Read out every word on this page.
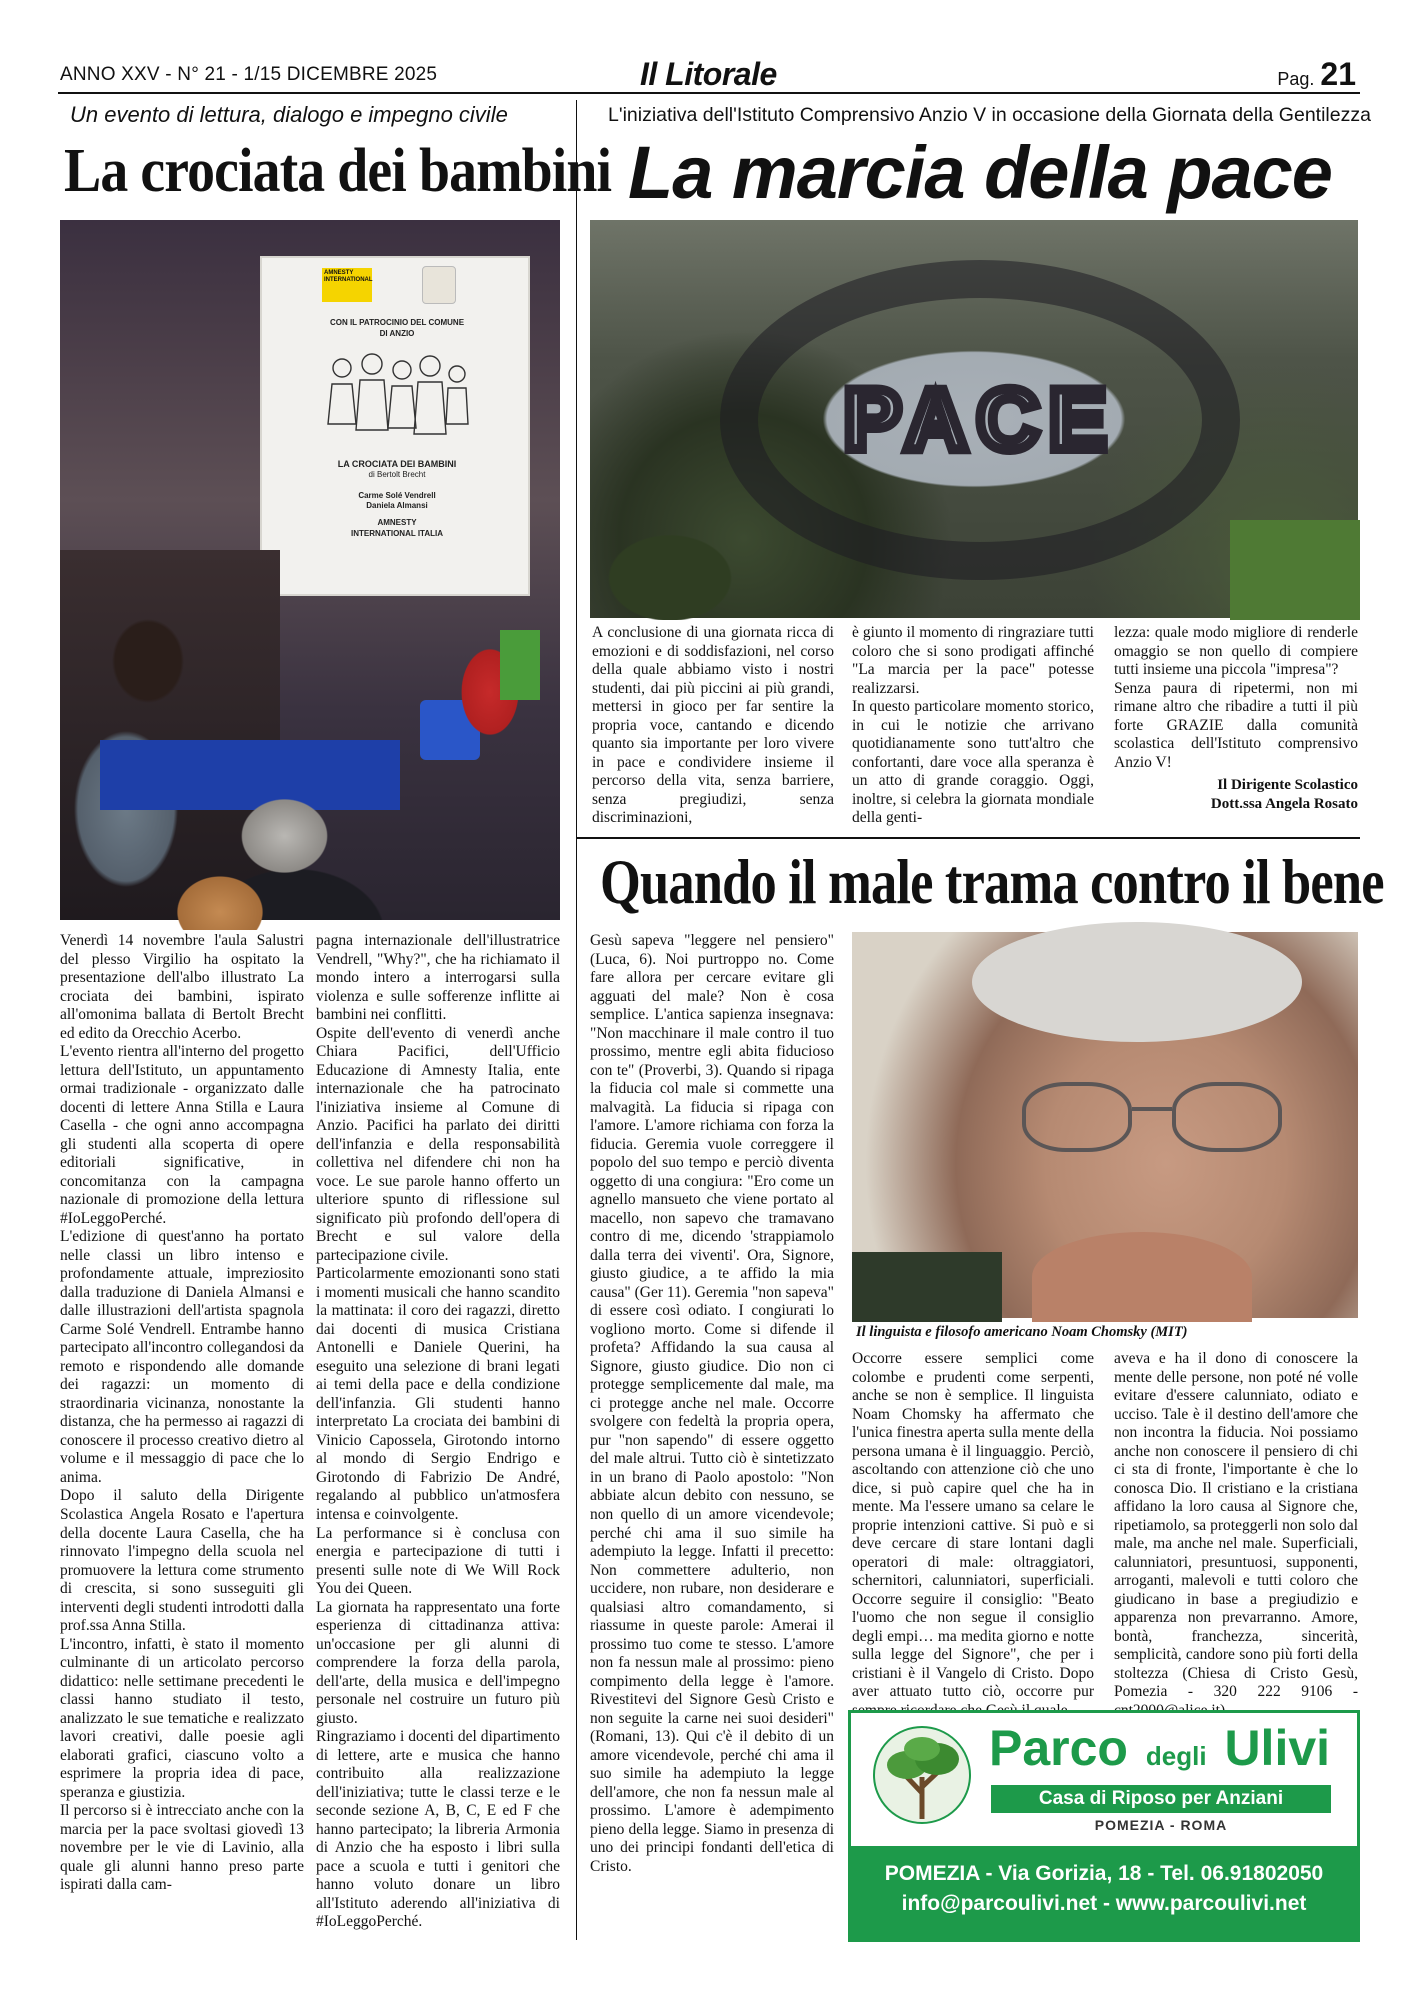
ANNO XXV - N° 21 - 1/15 DICEMBRE 2025	Il Litorale	Pag. 21
Un evento di lettura, dialogo e impegno civile
La crociata dei bambini
AMNESTY INTERNATIONAL
CON IL PATROCINIO DEL COMUNE
DI ANZIO
LA CROCIATA DEI BAMBINI
di Bertolt Brecht
Carme Solé Vendrell
Daniela Almansi
AMNESTY
INTERNATIONAL ITALIA

Venerdì 14 novembre l'aula Salustri del plesso Virgilio ha ospitato la presentazione dell'albo illustrato La crociata dei bambini, ispirato all'omonima ballata di Bertolt Brecht ed edito da Orecchio Acerbo.

L'evento rientra all'interno del progetto lettura dell'Istituto, un appuntamento ormai tradizionale - organizzato dalle docenti di lettere Anna Stilla e Laura Casella - che ogni anno accompagna gli studenti alla scoperta di opere editoriali significative, in concomitanza con la campagna nazionale di promozione della lettura #IoLeggoPerché.

L'edizione di quest'anno ha portato nelle classi un libro intenso e profondamente attuale, impreziosito dalla traduzione di Daniela Almansi e dalle illustrazioni dell'artista spagnola Carme Solé Vendrell. Entrambe hanno partecipato all'incontro collegandosi da remoto e rispondendo alle domande dei ragazzi: un momento di straordinaria vicinanza, nonostante la distanza, che ha permesso ai ragazzi di conoscere il processo creativo dietro al volume e il messaggio di pace che lo anima.

Dopo il saluto della Dirigente Scolastica Angela Rosato e l'apertura della docente Laura Casella, che ha rinnovato l'impegno della scuola nel promuovere la lettura come strumento di crescita, si sono susseguiti gli interventi degli studenti introdotti dalla prof.ssa Anna Stilla.

L'incontro, infatti, è stato il momento culminante di un articolato percorso didattico: nelle settimane precedenti le classi hanno studiato il testo, analizzato le sue tematiche e realizzato lavori creativi, dalle poesie agli elaborati grafici, ciascuno volto a esprimere la propria idea di pace, speranza e giustizia.

Il percorso si è intrecciato anche con la marcia per la pace svoltasi giovedì 13 novembre per le vie di Lavinio, alla quale gli alunni hanno preso parte ispirati dalla cam-

pagna internazionale dell'illustratrice Vendrell, "Why?", che ha richiamato il mondo intero a interrogarsi sulla violenza e sulle sofferenze inflitte ai bambini nei conflitti.

Ospite dell'evento di venerdì anche Chiara Pacifici, dell'Ufficio Educazione di Amnesty Italia, ente internazionale che ha patrocinato l'iniziativa insieme al Comune di Anzio. Pacifici ha parlato dei diritti dell'infanzia e della responsabilità collettiva nel difendere chi non ha voce. Le sue parole hanno offerto un ulteriore spunto di riflessione sul significato più profondo dell'opera di Brecht e sul valore della partecipazione civile.

Particolarmente emozionanti sono stati i momenti musicali che hanno scandito la mattinata: il coro dei ragazzi, diretto dai docenti di musica Cristiana Antonelli e Daniele Querini, ha eseguito una selezione di brani legati ai temi della pace e della condizione dell'infanzia. Gli studenti hanno interpretato La crociata dei bambini di Vinicio Capossela, Girotondo intorno al mondo di Sergio Endrigo e Girotondo di Fabrizio De André, regalando al pubblico un'atmosfera intensa e coinvolgente.

La performance si è conclusa con energia e partecipazione di tutti i presenti sulle note di We Will Rock You dei Queen.

La giornata ha rappresentato una forte esperienza di cittadinanza attiva: un'occasione per gli alunni di comprendere la forza della parola, dell'arte, della musica e dell'impegno personale nel costruire un futuro più giusto.

Ringraziamo i docenti del dipartimento di lettere, arte e musica che hanno contribuito alla realizzazione dell'iniziativa; tutte le classi terze e le seconde sezione A, B, C, E ed F che hanno partecipato; la libreria Armonia di Anzio che ha esposto i libri sulla pace a scuola e tutti i genitori che hanno voluto donare un libro all'Istituto aderendo all'iniziativa di #IoLeggoPerché.

L'iniziativa dell'Istituto Comprensivo Anzio V in occasione della Giornata della Gentilezza
La marcia della pace
PACE

A conclusione di una giornata ricca di emozioni e di soddisfazioni, nel corso della quale abbiamo visto i nostri studenti, dai più piccini ai più grandi, mettersi in gioco per far sentire la propria voce, cantando e dicendo quanto sia importante per loro vivere in pace e condividere insieme il percorso della vita, senza barriere, senza pregiudizi, senza discriminazioni,

è giunto il momento di ringraziare tutti coloro che si sono prodigati affinché "La marcia per la pace" potesse realizzarsi.

In questo particolare momento storico, in cui le notizie che arrivano quotidianamente sono tutt'altro che confortanti, dare voce alla speranza è un atto di grande coraggio. Oggi, inoltre, si celebra la giornata mondiale della genti-

lezza: quale modo migliore di renderle omaggio se non quello di compiere tutti insieme una piccola "impresa"?

Senza paura di ripetermi, non mi rimane altro che ribadire a tutti il più forte GRAZIE dalla comunità scolastica dell'Istituto comprensivo Anzio V!

Il Dirigente Scolastico
Dott.ssa Angela Rosato
Quando il male trama contro il bene

Gesù sapeva "leggere nel pensiero" (Luca, 6). Noi purtroppo no. Come fare allora per cercare evitare gli agguati del male? Non è cosa semplice. L'antica sapienza insegnava: "Non macchinare il male contro il tuo prossimo, mentre egli abita fiducioso con te" (Proverbi, 3). Quando si ripaga la fiducia col male si commette una malvagità. La fiducia si ripaga con l'amore. L'amore richiama con forza la fiducia. Geremia vuole correggere il popolo del suo tempo e perciò diventa oggetto di una congiura: "Ero come un agnello mansueto che viene portato al macello, non sapevo che tramavano contro di me, dicendo 'strappiamolo dalla terra dei viventi'. Ora, Signore, giusto giudice, a te affido la mia causa" (Ger 11). Geremia "non sapeva" di essere così odiato. I congiurati lo vogliono morto. Come si difende il profeta? Affidando la sua causa al Signore, giusto giudice. Dio non ci protegge semplicemente dal male, ma ci protegge anche nel male. Occorre svolgere con fedeltà la propria opera, pur "non sapendo" di essere oggetto del male altrui. Tutto ciò è sintetizzato in un brano di Paolo apostolo: "Non abbiate alcun debito con nessuno, se non quello di un amore vicendevole; perché chi ama il suo simile ha adempiuto la legge. Infatti il precetto: Non commettere adulterio, non uccidere, non rubare, non desiderare e qualsiasi altro comandamento, si riassume in queste parole: Amerai il prossimo tuo come te stesso. L'amore non fa nessun male al prossimo: pieno compimento della legge è l'amore. Rivestitevi del Signore Gesù Cristo e non seguite la carne nei suoi desideri" (Romani, 13). Qui c'è il debito di un amore vicendevole, perché chi ama il suo simile ha adempiuto la legge dell'amore, che non fa nessun male al prossimo. L'amore è adempimento pieno della legge. Siamo in presenza di uno dei principi fondanti dell'etica di Cristo.

Il linguista e filosofo americano Noam Chomsky (MIT)

Occorre essere semplici come colombe e prudenti come serpenti, anche se non è semplice. Il linguista Noam Chomsky ha affermato che l'unica finestra aperta sulla mente della persona umana è il linguaggio. Perciò, ascoltando con attenzione ciò che uno dice, si può capire quel che ha in mente. Ma l'essere umano sa celare le proprie intenzioni cattive. Si può e si deve cercare di stare lontani dagli operatori di male: oltraggiatori, schernitori, calunniatori, superficiali. Occorre seguire il consiglio: "Beato l'uomo che non segue il consiglio degli empi… ma medita giorno e notte sulla legge del Signore", che per i cristiani è il Vangelo di Cristo. Dopo aver attuato tutto ciò, occorre pur

aveva e ha il dono di conoscere la mente delle persone, non poté né volle evitare d'essere calunniato, odiato e ucciso. Tale è il destino dell'amore che non incontra la fiducia. Noi possiamo anche non conoscere il pensiero di chi ci sta di fronte, l'importante è che lo conosca Dio. Il cristiano e la cristiana affidano la loro causa al Signore che, ripetiamolo, sa proteggerli non solo dal male, ma anche nel male. Superficiali, calunniatori, presuntuosi, supponenti, arroganti, malevoli e tutti coloro che giudicano in base a pregiudizio e apparenza non prevarranno. Amore, bontà, franchezza, sincerità, semplicità, candore sono più forti della stoltezza (Chiesa di Cristo Gesù, Pomezia - 320 222 9106 -

Parco degli Ulivi
Casa di Riposo per Anziani
POMEZIA - ROMA
POMEZIA - Via Gorizia, 18 - Tel. 06.91802050
info@parcoulivi.net - www.parcoulivi.net
